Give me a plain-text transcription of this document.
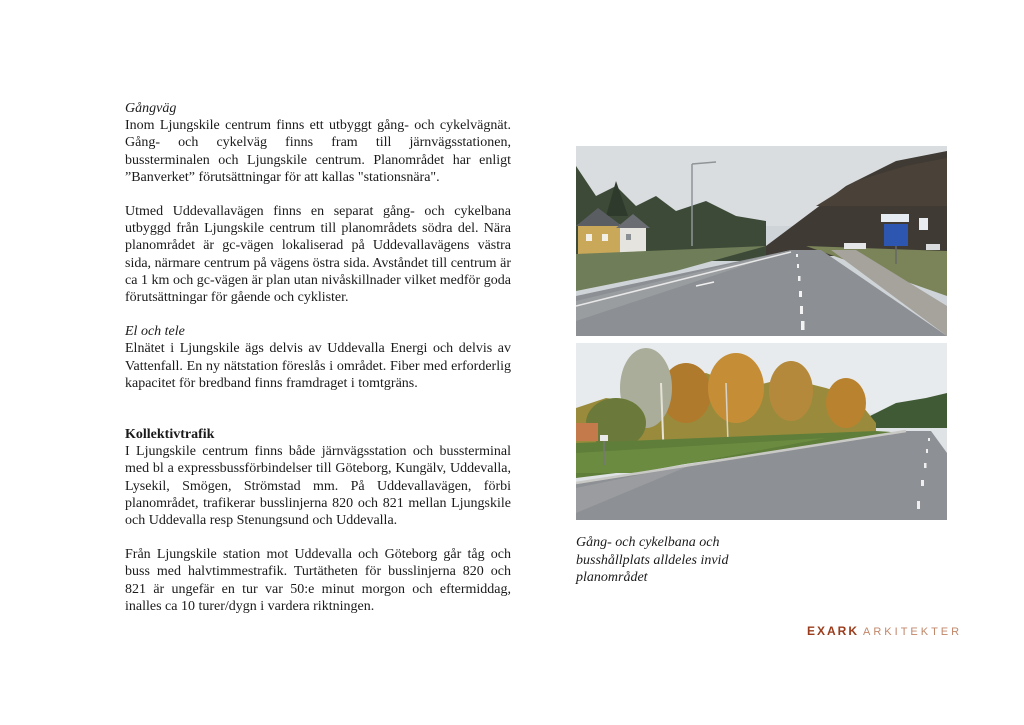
Gångväg

Inom Ljungskile centrum finns ett utbyggt gång- och cykelvägnät. Gång- och cykelväg finns fram till järnvägsstationen, bussterminalen och Ljungskile centrum. Planområdet har enligt ”Banverket” förutsättningar för att kallas "stationsnära".

Utmed Uddevallavägen finns en separat gång- och cykelbana utbyggd från Ljungskile centrum till planområdets södra del. Nära planområdet är gc-vägen lokaliserad på Uddevallavägens västra sida, närmare centrum på vägens östra sida. Avståndet till centrum är ca 1 km och gc-vägen är plan utan nivåskillnader vilket medför goda förutsättningar för gående och cyklister.

El och tele

Elnätet i Ljungskile ägs delvis av Uddevalla Energi och delvis av Vattenfall. En ny nätstation föreslås i området. Fiber med erforderlig kapacitet för bredband finns framdraget i tomtgräns.

Kollektivtrafik

I Ljungskile centrum finns både järnvägsstation och bussterminal med bl a expressbussförbindelser till Göteborg, Kungälv, Uddevalla, Lysekil, Smögen, Strömstad mm. På Uddevallavägen, förbi planområdet, trafikerar busslinjerna 820 och 821 mellan Ljungskile och Uddevalla resp Stenungsund och Uddevalla.

Från Ljungskile station mot Uddevalla och Göteborg går tåg och buss med halvtimmestrafik. Turtätheten för busslinjerna 820 och 821 är ungefär en tur var 50:e minut morgon och eftermiddag, inalles ca 10 turer/dygn i vardera riktningen.

Gång- och cykelbana och busshållplats alldeles invid planområdet
EXARK ARKITEKTER
